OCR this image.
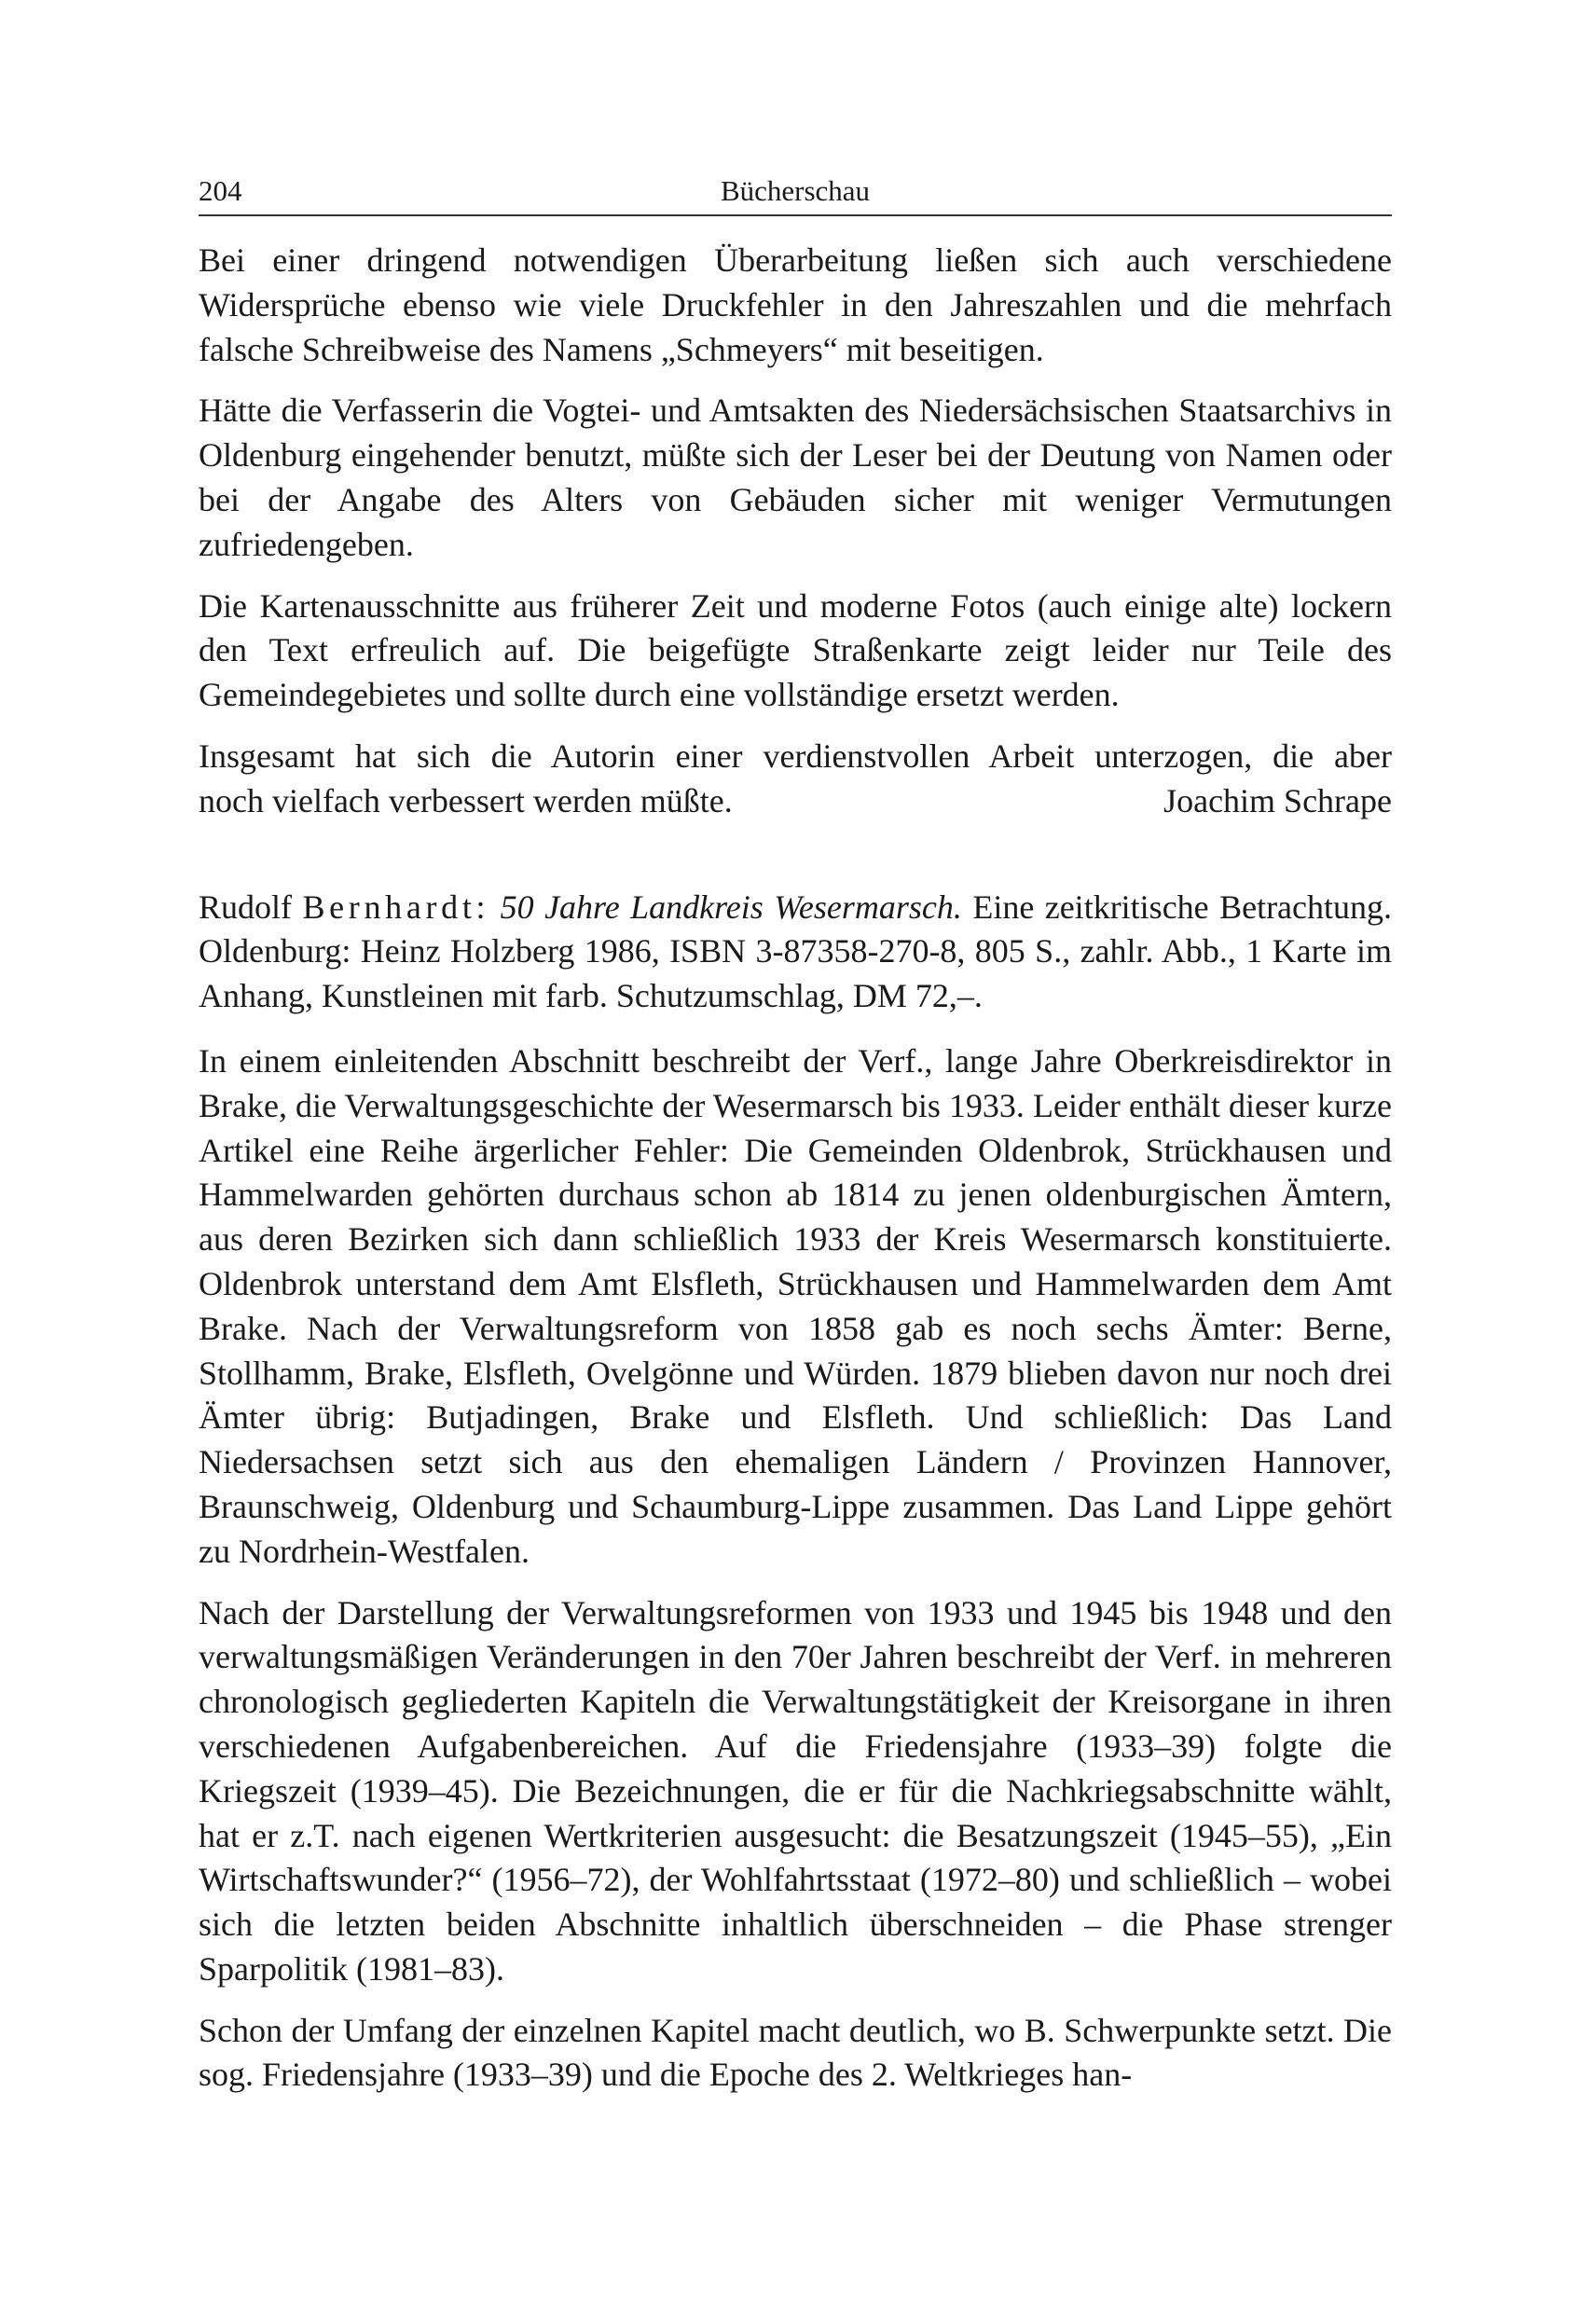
204	Bücherschau

Bei einer dringend notwendigen Überarbeitung ließen sich auch verschiedene Widersprüche ebenso wie viele Druckfehler in den Jahreszahlen und die mehrfach falsche Schreibweise des Namens „Schmeyers“ mit beseitigen.

Hätte die Verfasserin die Vogtei- und Amtsakten des Niedersächsischen Staatsarchivs in Oldenburg eingehender benutzt, müßte sich der Leser bei der Deutung von Namen oder bei der Angabe des Alters von Gebäuden sicher mit weniger Vermutungen zufriedengeben.

Die Kartenausschnitte aus früherer Zeit und moderne Fotos (auch einige alte) lockern den Text erfreulich auf. Die beigefügte Straßenkarte zeigt leider nur Teile des Gemeindegebietes und sollte durch eine vollständige ersetzt werden.

Insgesamt hat sich die Autorin einer verdienstvollen Arbeit unterzogen, die aber
noch vielfach verbessert werden müßte.	Joachim Schrape

Rudolf Bernhardt: 50 Jahre Landkreis Wesermarsch. Eine zeitkritische Betrachtung. Oldenburg: Heinz Holzberg 1986, ISBN 3-87358-270-8, 805 S., zahlr. Abb., 1 Karte im Anhang, Kunstleinen mit farb. Schutzumschlag, DM 72,–.

In einem einleitenden Abschnitt beschreibt der Verf., lange Jahre Oberkreisdirektor in Brake, die Verwaltungsgeschichte der Wesermarsch bis 1933. Leider enthält dieser kurze Artikel eine Reihe ärgerlicher Fehler: Die Gemeinden Oldenbrok, Strückhausen und Hammelwarden gehörten durchaus schon ab 1814 zu jenen oldenburgischen Ämtern, aus deren Bezirken sich dann schließlich 1933 der Kreis Wesermarsch konstituierte. Oldenbrok unterstand dem Amt Elsfleth, Strückhausen und Hammelwarden dem Amt Brake. Nach der Verwaltungsreform von 1858 gab es noch sechs Ämter: Berne, Stollhamm, Brake, Elsfleth, Ovelgönne und Würden. 1879 blieben davon nur noch drei Ämter übrig: Butjadingen, Brake und Elsfleth. Und schließlich: Das Land Niedersachsen setzt sich aus den ehemaligen Ländern / Provinzen Hannover, Braunschweig, Oldenburg und Schaumburg-Lippe zusammen. Das Land Lippe gehört zu Nordrhein-Westfalen.

Nach der Darstellung der Verwaltungsreformen von 1933 und 1945 bis 1948 und den verwaltungsmäßigen Veränderungen in den 70er Jahren beschreibt der Verf. in mehreren chronologisch gegliederten Kapiteln die Verwaltungstätigkeit der Kreisorgane in ihren verschiedenen Aufgabenbereichen. Auf die Friedensjahre (1933–39) folgte die Kriegszeit (1939–45). Die Bezeichnungen, die er für die Nachkriegsabschnitte wählt, hat er z.T. nach eigenen Wertkriterien ausgesucht: die Besatzungszeit (1945–55), „Ein Wirtschaftswunder?“ (1956–72), der Wohlfahrtsstaat (1972–80) und schließlich – wobei sich die letzten beiden Abschnitte inhaltlich überschneiden – die Phase strenger Sparpolitik (1981–83).

Schon der Umfang der einzelnen Kapitel macht deutlich, wo B. Schwerpunkte setzt. Die sog. Friedensjahre (1933–39) und die Epoche des 2. Weltkrieges han-
